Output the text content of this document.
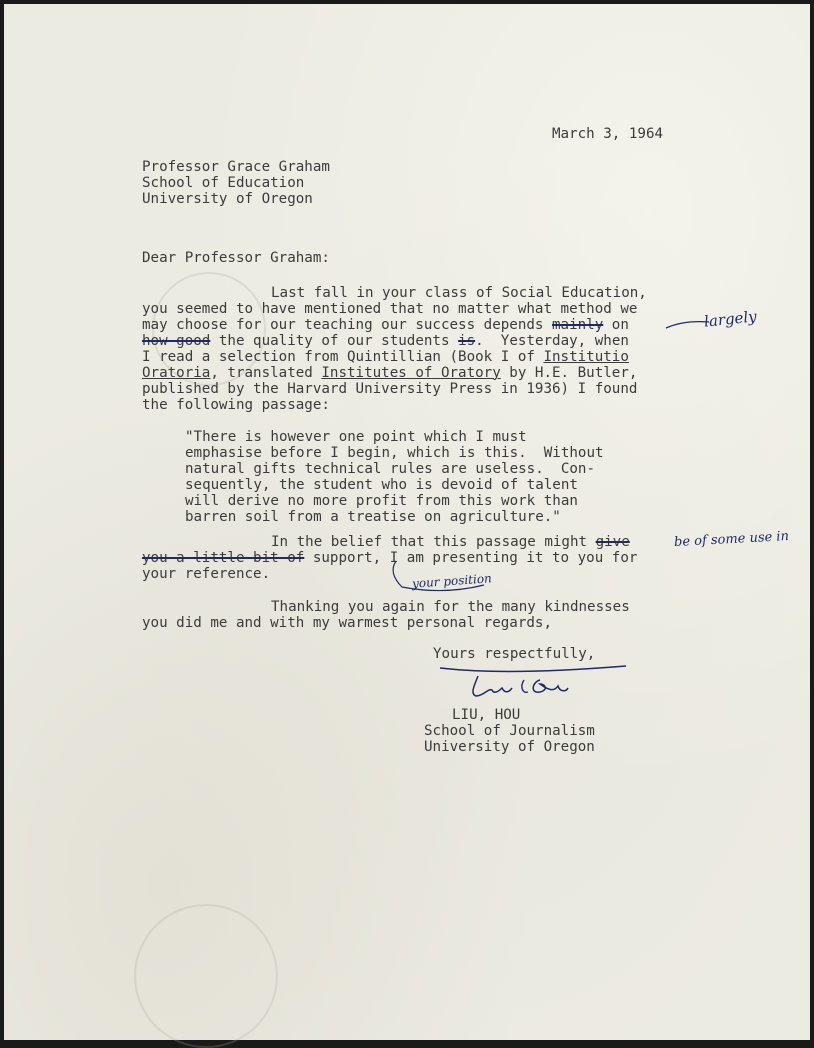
March 3, 1964
Professor Grace Graham
School of Education
University of Oregon
Dear Professor Graham:
Last fall in your class of Social Education,
you seemed to have mentioned that no matter what method we
may choose for our teaching our success depends mainly on
how good the quality of our students is.  Yesterday, when
I read a selection from Quintillian (Book I of Institutio
Oratoria, translated Institutes of Oratory by H.E. Butler,
published by the Harvard University Press in 1936) I found
the following passage:
largely
"There is however one point which I must
emphasise before I begin, which is this.  Without
natural gifts technical rules are useless.  Con-
sequently, the student who is devoid of talent
will derive no more profit from this work than
barren soil from a treatise on agriculture."
In the belief that this passage might give
you a little bit of support, I am presenting it to you for
your reference.
be of some use in
your position
Thanking you again for the many kindnesses
you did me and with my warmest personal regards,
Yours respectfully,
LIU, HOU
School of Journalism
University of Oregon
